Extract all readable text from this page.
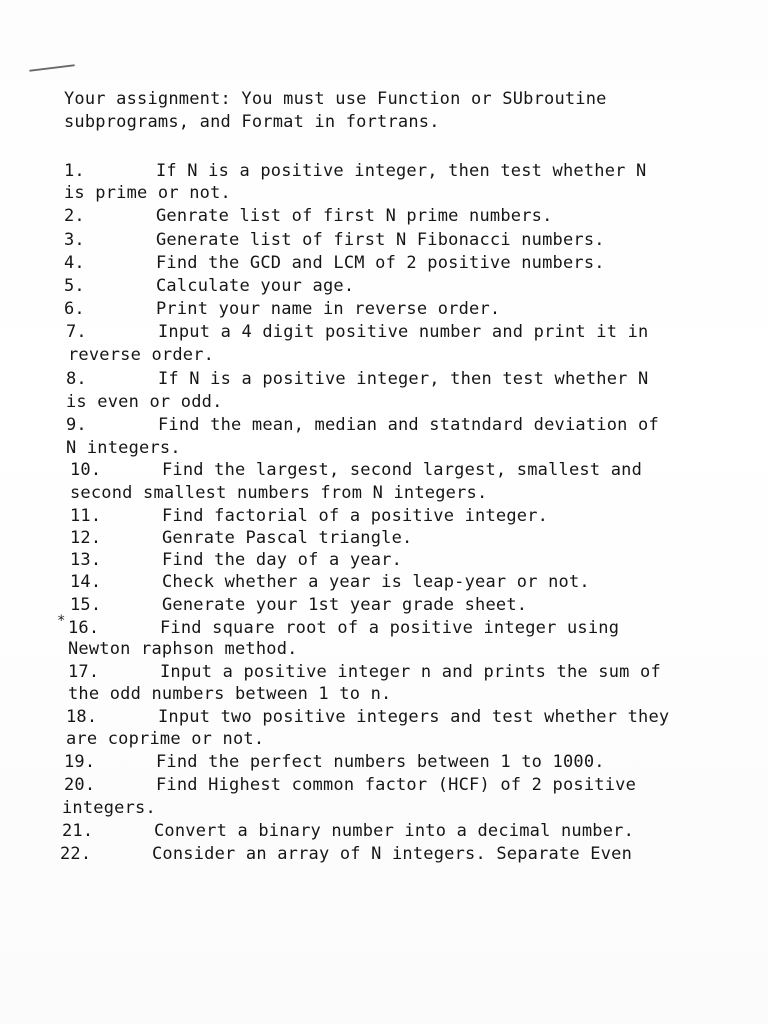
Your assignment: You must use Function or SUbroutine
subprograms, and Format in fortrans.
*
1.	If N is a positive integer, then test whether N
is prime or not.
2.	Genrate list of first N prime numbers.
3.	Generate list of first N Fibonacci numbers.
4.	Find the GCD and LCM of 2 positive numbers.
5.	Calculate your age.
6.	Print your name in reverse order.
7.	Input a 4 digit positive number and print it in
reverse order.
8.	If N is a positive integer, then test whether N
is even or odd.
9.	Find the mean, median and statndard deviation of
N integers.
10.	Find the largest, second largest, smallest and
second smallest numbers from N integers.
11.	Find factorial of a positive integer.
12.	Genrate Pascal triangle.
13.	Find the day of a year.
14.	Check whether a year is leap-year or not.
15.	Generate your 1st year grade sheet.
16.	Find square root of a positive integer using
Newton raphson method.
17.	Input a positive integer n and prints the sum of
the odd numbers between 1 to n.
18.	Input two positive integers and test whether they
are coprime or not.
19.	Find the perfect numbers between 1 to 1000.
20.	Find Highest common factor (HCF) of 2 positive
integers.
21.	Convert a binary number into a decimal number.
22.	Consider an array of N integers. Separate Even
